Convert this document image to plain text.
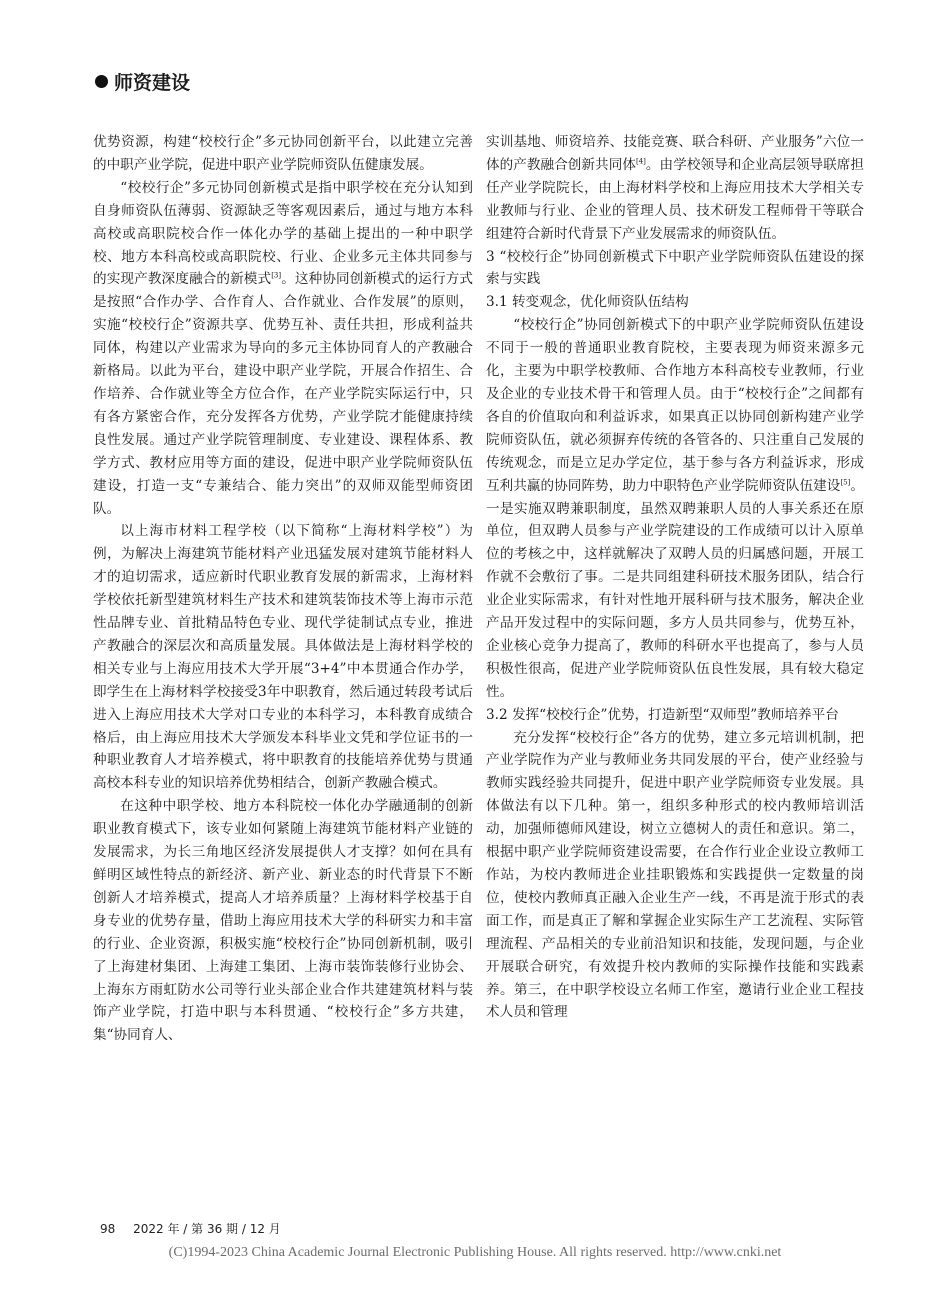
师资建设

优势资源，构建“校校行企”多元协同创新平台，以此建立完善的中职产业学院，促进中职产业学院师资队伍健康发展。

“校校行企”多元协同创新模式是指中职学校在充分认知到自身师资队伍薄弱、资源缺乏等客观因素后，通过与地方本科高校或高职院校合作一体化办学的基础上提出的一种中职学校、地方本科高校或高职院校、行业、企业多元主体共同参与的实现产教深度融合的新模式[3]。这种协同创新模式的运行方式是按照“合作办学、合作育人、合作就业、合作发展”的原则，实施“校校行企”资源共享、优势互补、责任共担，形成利益共同体，构建以产业需求为导向的多元主体协同育人的产教融合新格局。以此为平台，建设中职产业学院，开展合作招生、合作培养、合作就业等全方位合作，在产业学院实际运行中，只有各方紧密合作，充分发挥各方优势，产业学院才能健康持续良性发展。通过产业学院管理制度、专业建设、课程体系、教学方式、教材应用等方面的建设，促进中职产业学院师资队伍建设，打造一支“专兼结合、能力突出”的双师双能型师资团队。

以上海市材料工程学校（以下简称“上海材料学校”）为例，为解决上海建筑节能材料产业迅猛发展对建筑节能材料人才的迫切需求，适应新时代职业教育发展的新需求，上海材料学校依托新型建筑材料生产技术和建筑装饰技术等上海市示范性品牌专业、首批精品特色专业、现代学徒制试点专业，推进产教融合的深层次和高质量发展。具体做法是上海材料学校的相关专业与上海应用技术大学开展“3+4”中本贯通合作办学，即学生在上海材料学校接受3年中职教育，然后通过转段考试后进入上海应用技术大学对口专业的本科学习，本科教育成绩合格后，由上海应用技术大学颁发本科毕业文凭和学位证书的一种职业教育人才培养模式，将中职教育的技能培养优势与贯通高校本科专业的知识培养优势相结合，创新产教融合模式。

在这种中职学校、地方本科院校一体化办学融通制的创新职业教育模式下，该专业如何紧随上海建筑节能材料产业链的发展需求，为长三角地区经济发展提供人才支撑？如何在具有鲜明区域性特点的新经济、新产业、新业态的时代背景下不断创新人才培养模式，提高人才培养质量？上海材料学校基于自身专业的优势存量，借助上海应用技术大学的科研实力和丰富的行业、企业资源，积极实施“校校行企”协同创新机制，吸引了上海建材集团、上海建工集团、上海市装饰装修行业协会、上海东方雨虹防水公司等行业头部企业合作共建建筑材料与装饰产业学院，打造中职与本科贯通、“校校行企”多方共建，集“协同育人、

实训基地、师资培养、技能竞赛、联合科研、产业服务”六位一体的产教融合创新共同体[4]。由学校领导和企业高层领导联席担任产业学院院长，由上海材料学校和上海应用技术大学相关专业教师与行业、企业的管理人员、技术研发工程师骨干等联合组建符合新时代背景下产业发展需求的师资队伍。

3 “校校行企”协同创新模式下中职产业学院师资队伍建设的探索与实践

3.1 转变观念，优化师资队伍结构

“校校行企”协同创新模式下的中职产业学院师资队伍建设不同于一般的普通职业教育院校，主要表现为师资来源多元化，主要为中职学校教师、合作地方本科高校专业教师，行业及企业的专业技术骨干和管理人员。由于“校校行企”之间都有各自的价值取向和利益诉求，如果真正以协同创新构建产业学院师资队伍，就必须摒弃传统的各管各的、只注重自己发展的传统观念，而是立足办学定位，基于参与各方利益诉求，形成互利共赢的协同阵势，助力中职特色产业学院师资队伍建设[5]。一是实施双聘兼职制度，虽然双聘兼职人员的人事关系还在原单位，但双聘人员参与产业学院建设的工作成绩可以计入原单位的考核之中，这样就解决了双聘人员的归属感问题，开展工作就不会敷衍了事。二是共同组建科研技术服务团队，结合行业企业实际需求，有针对性地开展科研与技术服务，解决企业产品开发过程中的实际问题，多方人员共同参与，优势互补，企业核心竞争力提高了，教师的科研水平也提高了，参与人员积极性很高，促进产业学院师资队伍良性发展，具有较大稳定性。

3.2 发挥“校校行企”优势，打造新型“双师型”教师培养平台

充分发挥“校校行企”各方的优势，建立多元培训机制，把产业学院作为产业与教师业务共同发展的平台，使产业经验与教师实践经验共同提升，促进中职产业学院师资专业发展。具体做法有以下几种。第一，组织多种形式的校内教师培训活动，加强师德师风建设，树立立德树人的责任和意识。第二，根据中职产业学院师资建设需要，在合作行业企业设立教师工作站，为校内教师进企业挂职锻炼和实践提供一定数量的岗位，使校内教师真正融入企业生产一线，不再是流于形式的表面工作，而是真正了解和掌握企业实际生产工艺流程、实际管理流程、产品相关的专业前沿知识和技能，发现问题，与企业开展联合研究，有效提升校内教师的实际操作技能和实践素养。第三，在中职学校设立名师工作室，邀请行业企业工程技术人员和管理

98 2022 年 / 第 36 期 / 12 月
(C)1994-2023 China Academic Journal Electronic Publishing House. All rights reserved. http://www.cnki.net
